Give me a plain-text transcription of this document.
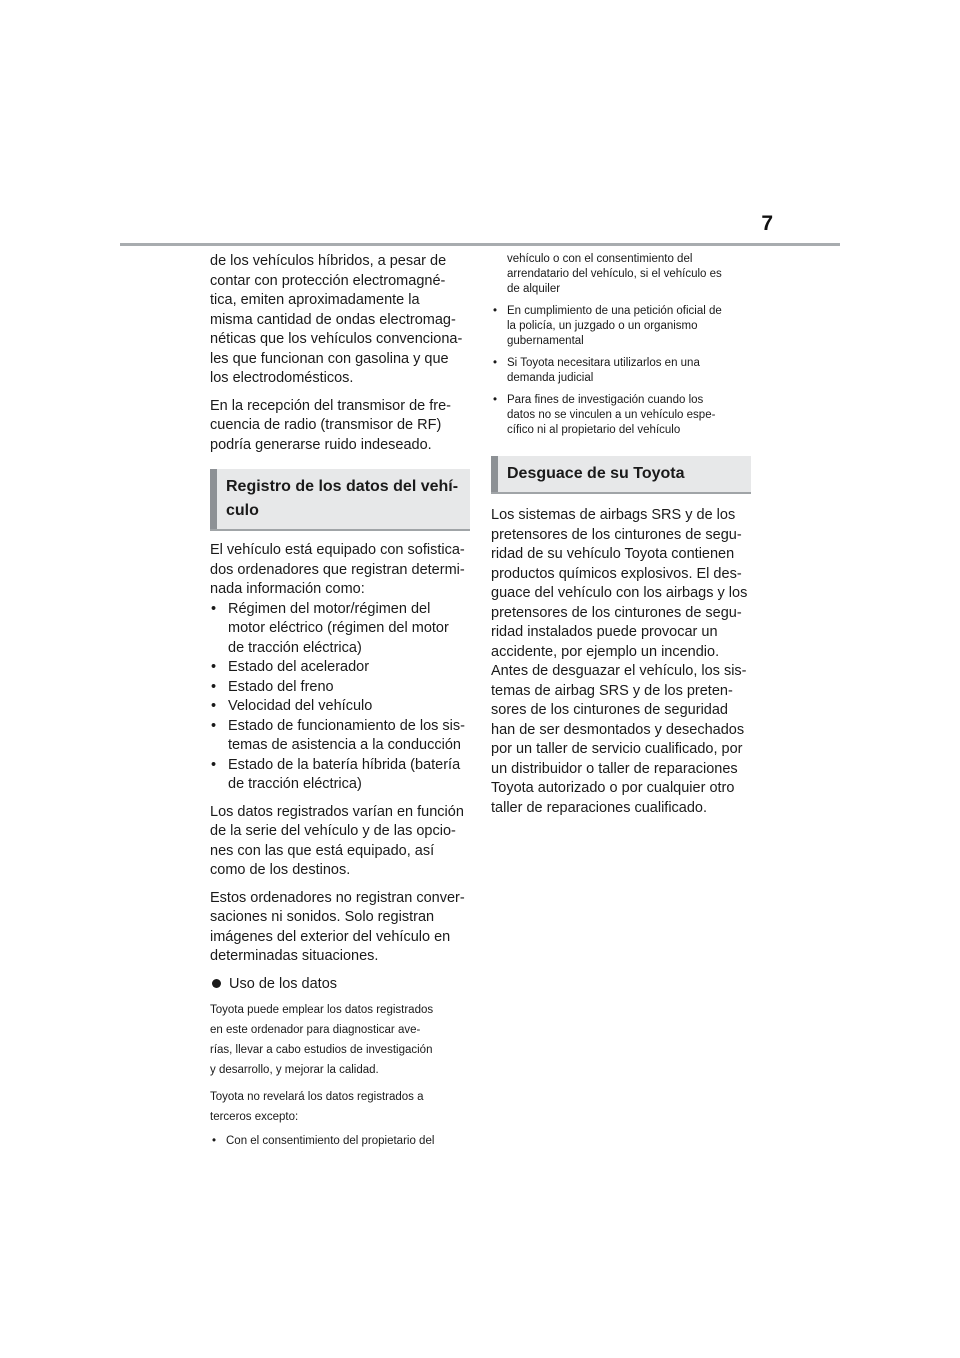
7

de los vehículos híbridos, a pesar de
contar con protección electromagné-
tica, emiten aproximadamente la
misma cantidad de ondas electromag-
néticas que los vehículos convenciona-
les que funcionan con gasolina y que
los electrodomésticos.

En la recepción del transmisor de fre-
cuencia de radio (transmisor de RF)
podría generarse ruido indeseado.

Registro de los datos del vehí-
culo

El vehículo está equipado con sofistica-
dos ordenadores que registran determi-
nada información como:

• Régimen del motor/régimen del
motor eléctrico (régimen del motor
de tracción eléctrica)
• Estado del acelerador
• Estado del freno
• Velocidad del vehículo
• Estado de funcionamiento de los sis-
temas de asistencia a la conducción
• Estado de la batería híbrida (batería
de tracción eléctrica)

Los datos registrados varían en función
de la serie del vehículo y de las opcio-
nes con las que está equipado, así
como de los destinos.

Estos ordenadores no registran conver-
saciones ni sonidos. Solo registran
imágenes del exterior del vehículo en
determinadas situaciones.

Uso de los datos

Toyota puede emplear los datos registrados
en este ordenador para diagnosticar ave-
rías, llevar a cabo estudios de investigación
y desarrollo, y mejorar la calidad.

Toyota no revelará los datos registrados a
terceros excepto:

• Con el consentimiento del propietario del

vehículo o con el consentimiento del
arrendatario del vehículo, si el vehículo es
de alquiler

• En cumplimiento de una petición oficial de
la policía, un juzgado o un organismo
gubernamental
• Si Toyota necesitara utilizarlos en una
demanda judicial
• Para fines de investigación cuando los
datos no se vinculen a un vehículo espe-
cífico ni al propietario del vehículo
Desguace de su Toyota

Los sistemas de airbags SRS y de los
pretensores de los cinturones de segu-
ridad de su vehículo Toyota contienen
productos químicos explosivos. El des-
guace del vehículo con los airbags y los
pretensores de los cinturones de segu-
ridad instalados puede provocar un
accidente, por ejemplo un incendio.
Antes de desguazar el vehículo, los sis-
temas de airbag SRS y de los preten-
sores de los cinturones de seguridad
han de ser desmontados y desechados
por un taller de servicio cualificado, por
un distribuidor o taller de reparaciones
Toyota autorizado o por cualquier otro
taller de reparaciones cualificado.
